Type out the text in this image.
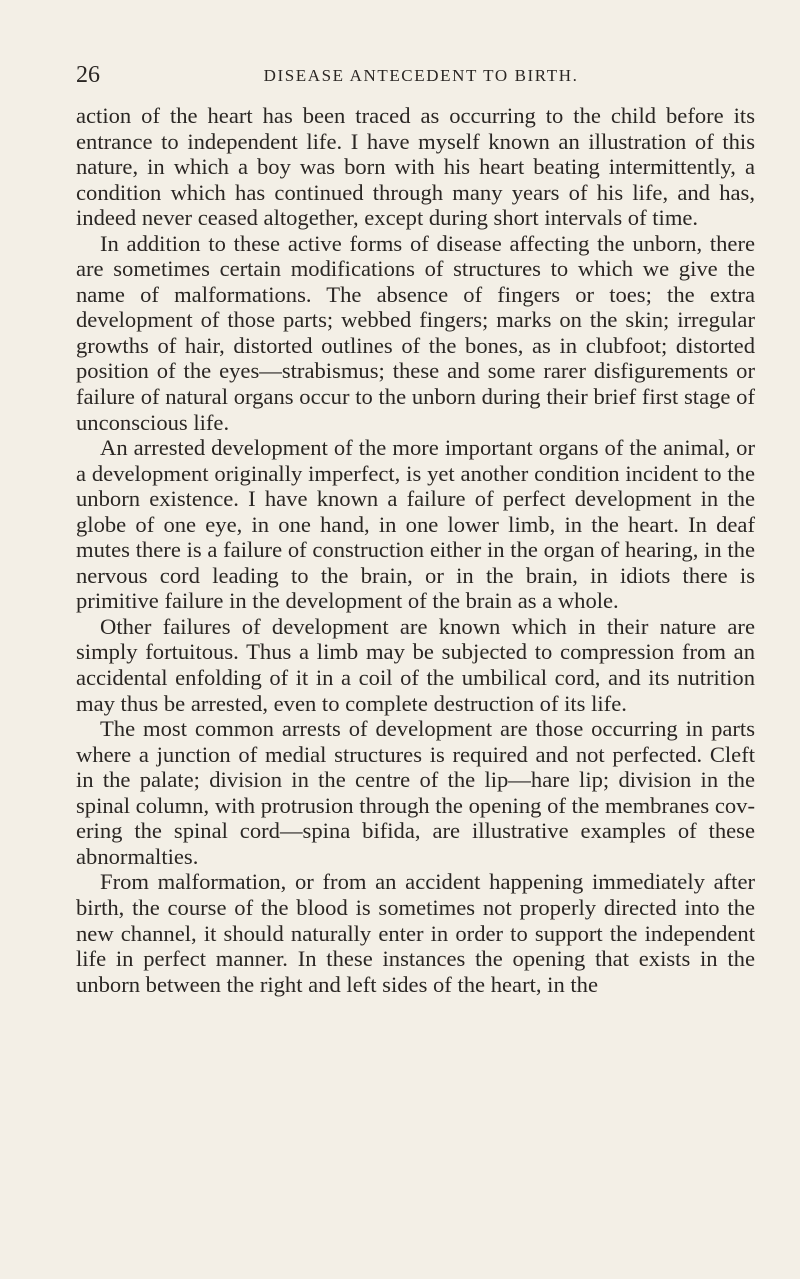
26	DISEASE ANTECEDENT TO BIRTH.

action of the heart has been traced as occurring to the child before its entrance to independent life. I have myself known an illustration of this nature, in which a boy was born with his heart beating intermittently, a condition which has continued through many years of his life, and has, indeed never ceased altogether, except during short intervals of time.

In addition to these active forms of disease affecting the unborn, there are sometimes certain modifications of structures to which we give the name of malformations. The absence of fingers or toes; the extra development of those parts; webbed fingers; marks on the skin; irregular growths of hair, distorted outlines of the bones, as in clubfoot; distorted position of the eyes—strabismus; these and some rarer disfigurements or failure of natural organs occur to the unborn during their brief first stage of unconscious life.

An arrested development of the more important organs of the animal, or a development originally imperfect, is yet another condition incident to the unborn existence. I have known a failure of perfect development in the globe of one eye, in one hand, in one lower limb, in the heart. In deaf mutes there is a failure of construction either in the organ of hearing, in the nervous cord leading to the brain, or in the brain, in idiots there is primitive failure in the development of the brain as a whole.

Other failures of development are known which in their nature are simply fortuitous. Thus a limb may be subjected to compression from an accidental enfolding of it in a coil of the umbilical cord, and its nutrition may thus be arrested, even to complete destruction of its life.

The most common arrests of development are those occurring in parts where a junction of medial structures is required and not perfected. Cleft in the palate; division in the centre of the lip—hare lip; division in the spinal column, with protrusion through the opening of the membranes covering the spinal cord—spina bifida, are illustrative examples of these abnormalties.

From malformation, or from an accident happening immediately after birth, the course of the blood is sometimes not properly directed into the new channel, it should naturally enter in order to support the independent life in perfect manner. In these instances the opening that exists in the unborn between the right and left sides of the heart, in the
